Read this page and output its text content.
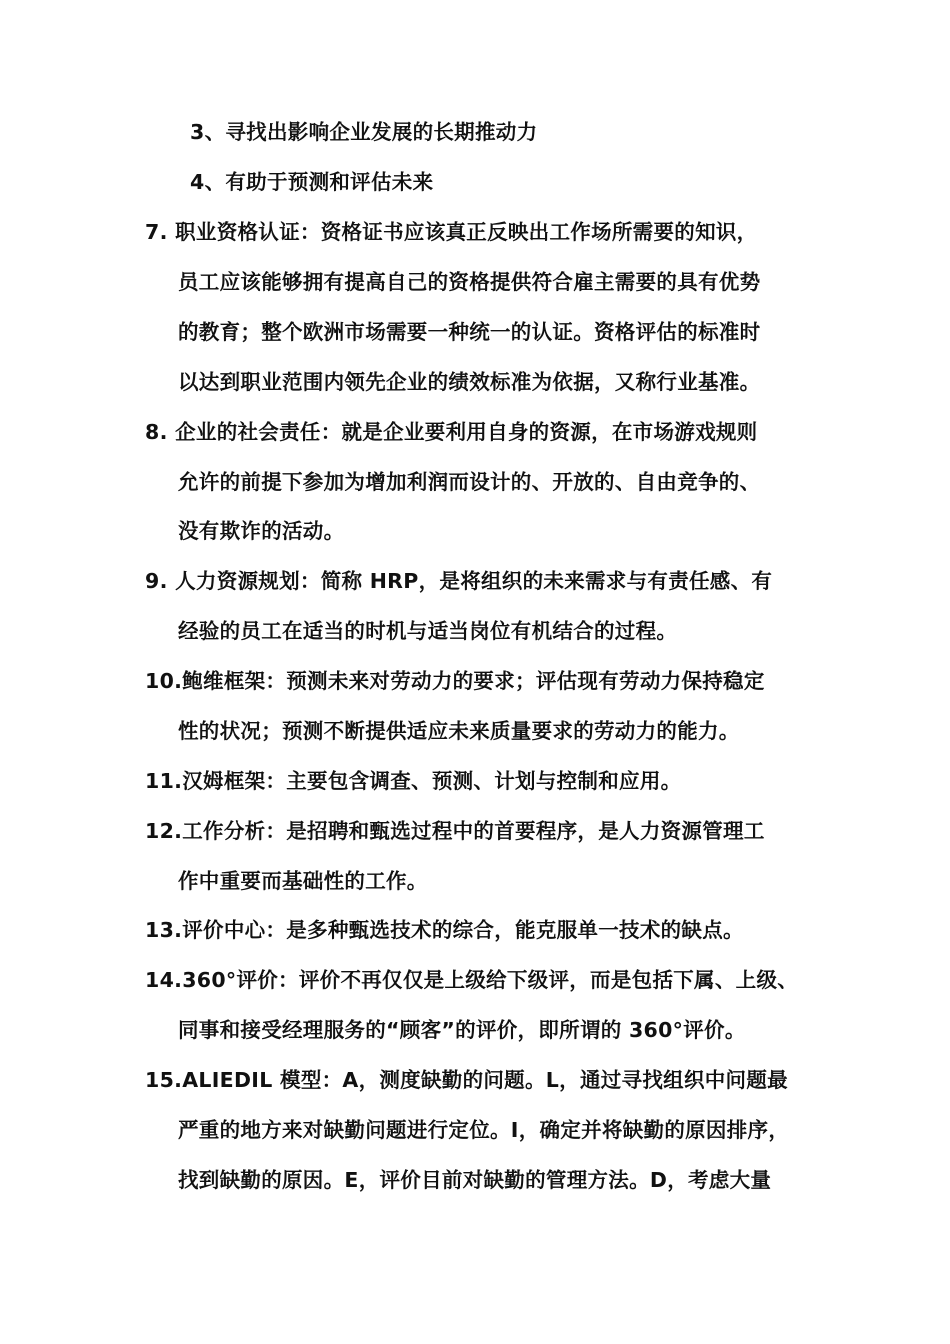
3、寻找出影响企业发展的长期推动力
4、有助于预测和评估未来
7. 职业资格认证：资格证书应该真正反映出工作场所需要的知识，
员工应该能够拥有提高自己的资格提供符合雇主需要的具有优势
的教育；整个欧洲市场需要一种统一的认证。资格评估的标准时
以达到职业范围内领先企业的绩效标准为依据，又称行业基准。
8. 企业的社会责任：就是企业要利用自身的资源，在市场游戏规则
允许的前提下参加为增加利润而设计的、开放的、自由竞争的、
没有欺诈的活动。
9. 人力资源规划：简称 HRP，是将组织的未来需求与有责任感、有
经验的员工在适当的时机与适当岗位有机结合的过程。
10.鲍维框架：预测未来对劳动力的要求；评估现有劳动力保持稳定
性的状况；预测不断提供适应未来质量要求的劳动力的能力。
11.汉姆框架：主要包含调查、预测、计划与控制和应用。
12.工作分析：是招聘和甄选过程中的首要程序，是人力资源管理工
作中重要而基础性的工作。
13.评价中心：是多种甄选技术的综合，能克服单一技术的缺点。
14.360°评价：评价不再仅仅是上级给下级评，而是包括下属、上级、
同事和接受经理服务的“顾客”的评价，即所谓的 360°评价。
15.ALIEDIL 模型：A，测度缺勤的问题。L，通过寻找组织中问题最
严重的地方来对缺勤问题进行定位。I，确定并将缺勤的原因排序，
找到缺勤的原因。E，评价目前对缺勤的管理方法。D，考虑大量
